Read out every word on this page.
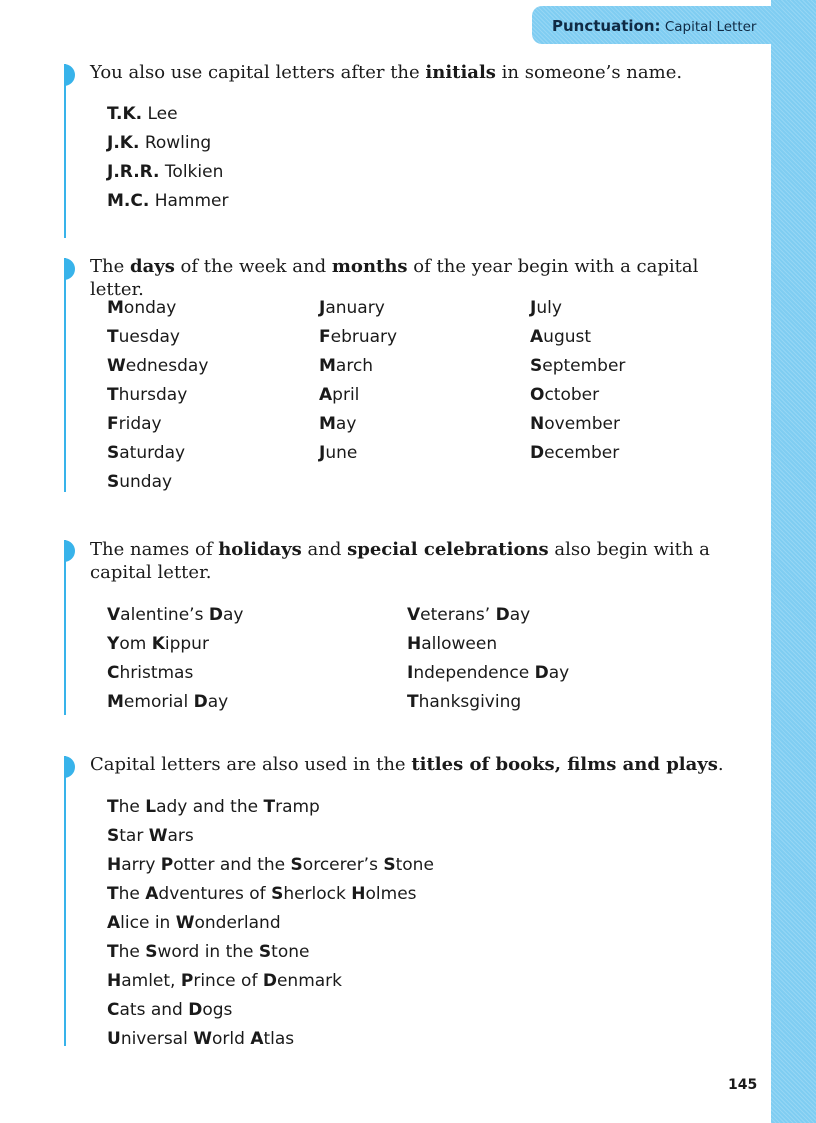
Punctuation: Capital Letter
You also use capital letters after the initials in someone’s name.
T.K. Lee
J.K. Rowling
J.R.R. Tolkien
M.C. Hammer
The days of the week and months of the year begin with a capital letter.
Monday
Tuesday
Wednesday
Thursday
Friday
Saturday
Sunday
January
February
March
April
May
June
July
August
September
October
November
December
The names of holidays and special celebrations also begin with a capital letter.
Valentine’s Day
Yom Kippur
Christmas
Memorial Day
Veterans’ Day
Halloween
Independence Day
Thanksgiving
Capital letters are also used in the titles of books, films and plays.
The Lady and the Tramp
Star Wars
Harry Potter and the Sorcerer’s Stone
The Adventures of Sherlock Holmes
Alice in Wonderland
The Sword in the Stone
Hamlet, Prince of Denmark
Cats and Dogs
Universal World Atlas
145
